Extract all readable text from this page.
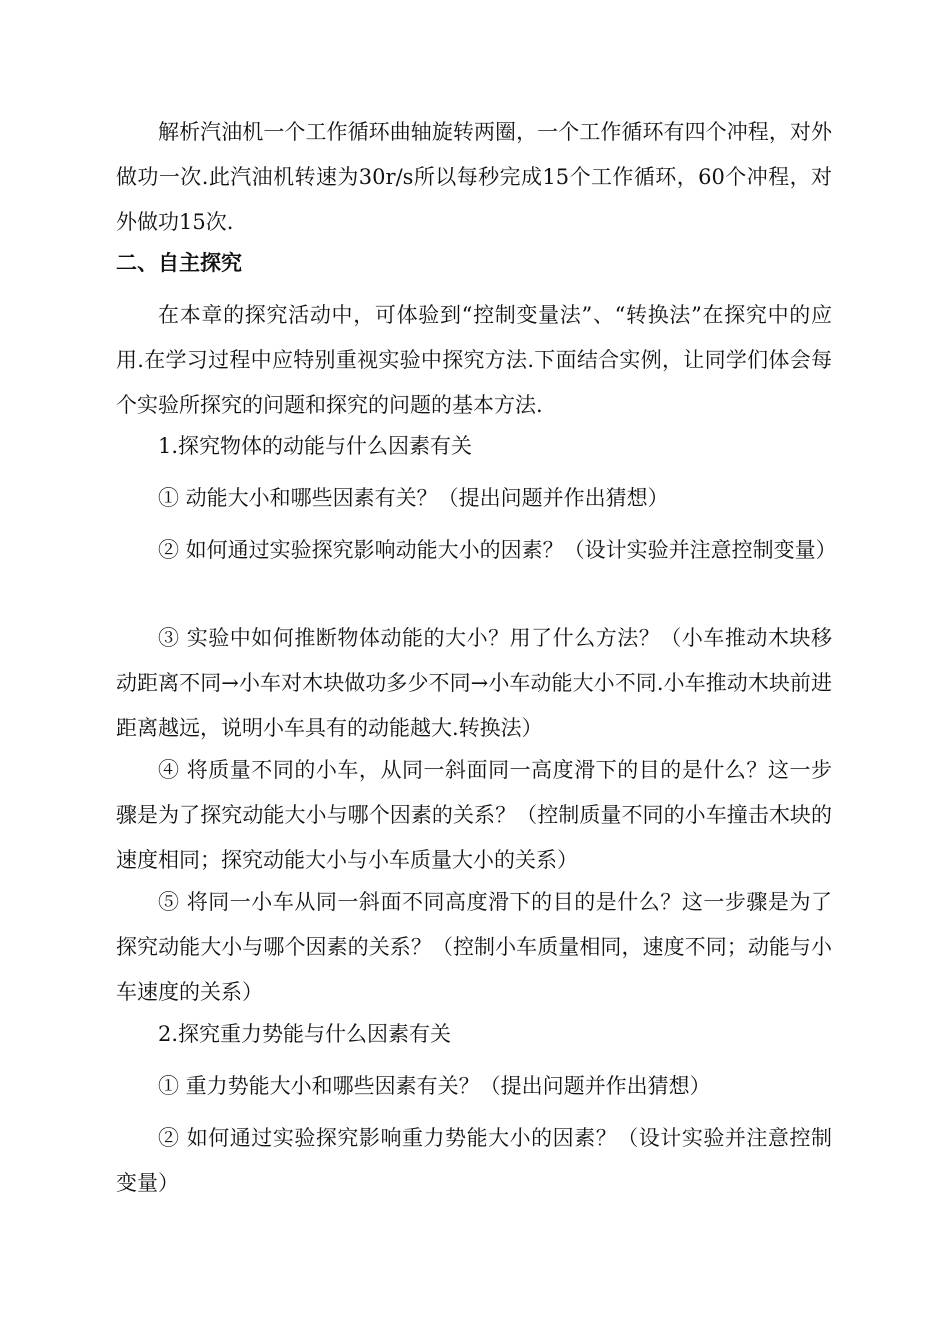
解析汽油机一个工作循环曲轴旋转两圈，一个工作循环有四个冲程，对外做功一次.此汽油机转速为30r/s所以每秒完成15个工作循环，60个冲程，对外做功15次.

二、自主探究

在本章的探究活动中，可体验到“控制变量法”、“转换法”在探究中的应用.在学习过程中应特别重视实验中探究方法.下面结合实例，让同学们体会每个实验所探究的问题和探究的问题的基本方法.

1.探究物体的动能与什么因素有关

① 动能大小和哪些因素有关？（提出问题并作出猜想）

② 如何通过实验探究影响动能大小的因素？（设计实验并注意控制变量）

③ 实验中如何推断物体动能的大小？用了什么方法？（小车推动木块移动距离不同→小车对木块做功多少不同→小车动能大小不同.小车推动木块前进距离越远，说明小车具有的动能越大.转换法）

④ 将质量不同的小车，从同一斜面同一高度滑下的目的是什么？这一步骤是为了探究动能大小与哪个因素的关系？（控制质量不同的小车撞击木块的速度相同；探究动能大小与小车质量大小的关系）

⑤ 将同一小车从同一斜面不同高度滑下的目的是什么？这一步骤是为了探究动能大小与哪个因素的关系？（控制小车质量相同，速度不同；动能与小车速度的关系）

2.探究重力势能与什么因素有关

① 重力势能大小和哪些因素有关？（提出问题并作出猜想）

② 如何通过实验探究影响重力势能大小的因素？（设计实验并注意控制变量）
